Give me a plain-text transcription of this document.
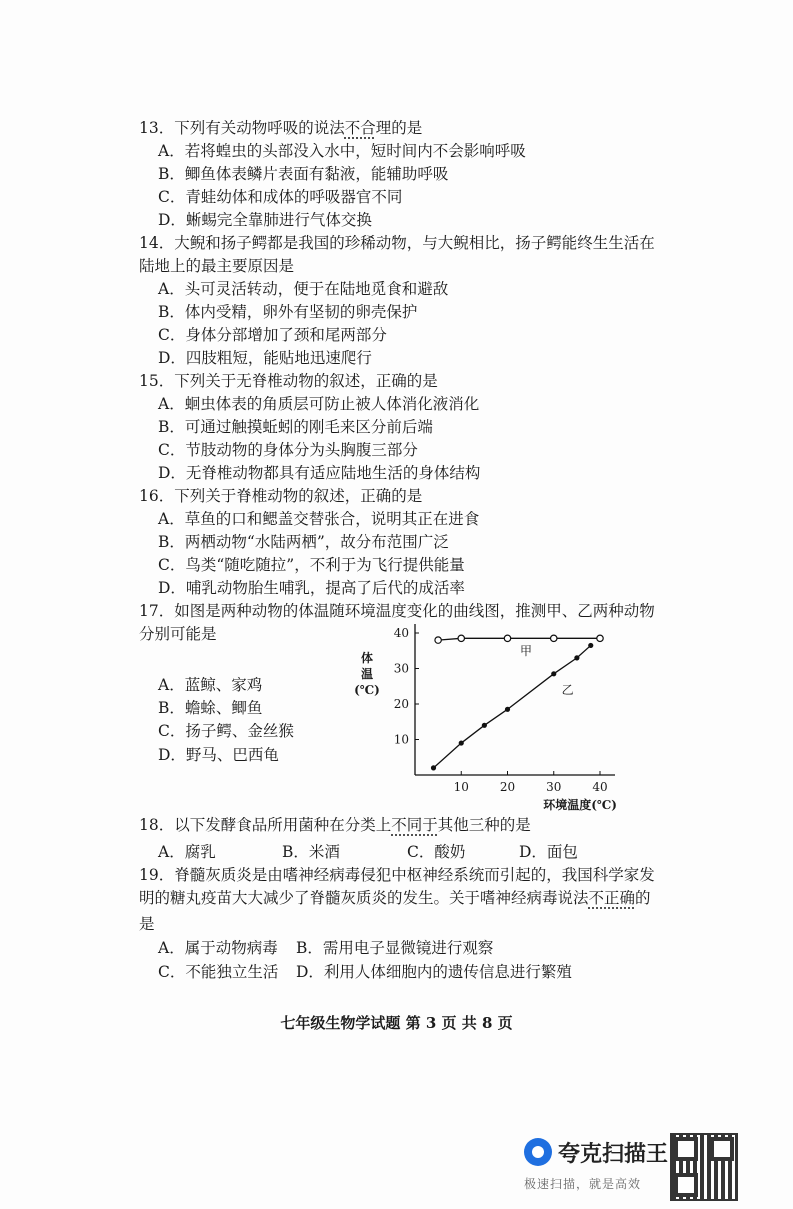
13．下列有关动物呼吸的说法不合理的是
A．若将蝗虫的头部没入水中，短时间内不会影响呼吸
B．鲫鱼体表鳞片表面有黏液，能辅助呼吸
C．青蛙幼体和成体的呼吸器官不同
D．蜥蜴完全靠肺进行气体交换
14．大鲵和扬子鳄都是我国的珍稀动物，与大鲵相比，扬子鳄能终生生活在
陆地上的最主要原因是
A．头可灵活转动，便于在陆地觅食和避敌
B．体内受精，卵外有坚韧的卵壳保护
C．身体分部增加了颈和尾两部分
D．四肢粗短，能贴地迅速爬行
15．下列关于无脊椎动物的叙述，正确的是
A．蛔虫体表的角质层可防止被人体消化液消化
B．可通过触摸蚯蚓的刚毛来区分前后端
C．节肢动物的身体分为头胸腹三部分
D．无脊椎动物都具有适应陆地生活的身体结构
16．下列关于脊椎动物的叙述，正确的是
A．草鱼的口和鳃盖交替张合，说明其正在进食
B．两栖动物“水陆两栖”，故分布范围广泛
C．鸟类“随吃随拉”，不利于为飞行提供能量
D．哺乳动物胎生哺乳，提高了后代的成活率
17．如图是两种动物的体温随环境温度变化的曲线图，推测甲、乙两种动物
分别可能是
A．蓝鲸、家鸡
B．蟾蜍、鲫鱼
C．扬子鳄、金丝猴
D．野马、巴西龟
10
20
30
40
10	20	30	40
体
温
(℃)
环境温度(℃)
甲
乙
18．以下发酵食品所用菌种在分类上不同于其他三种的是
A．腐乳	B．米酒	C．酸奶	D．面包
19．脊髓灰质炎是由嗜神经病毒侵犯中枢神经系统而引起的，我国科学家发
明的糖丸疫苗大大减少了脊髓灰质炎的发生。关于嗜神经病毒说法不正确的
是
A．属于动物病毒 B．需用电子显微镜进行观察
C．不能独立生活 D．利用人体细胞内的遗传信息进行繁殖
七年级生物学试题 第 3 页 共 8 页
夸克扫描王
极速扫描，就是高效
